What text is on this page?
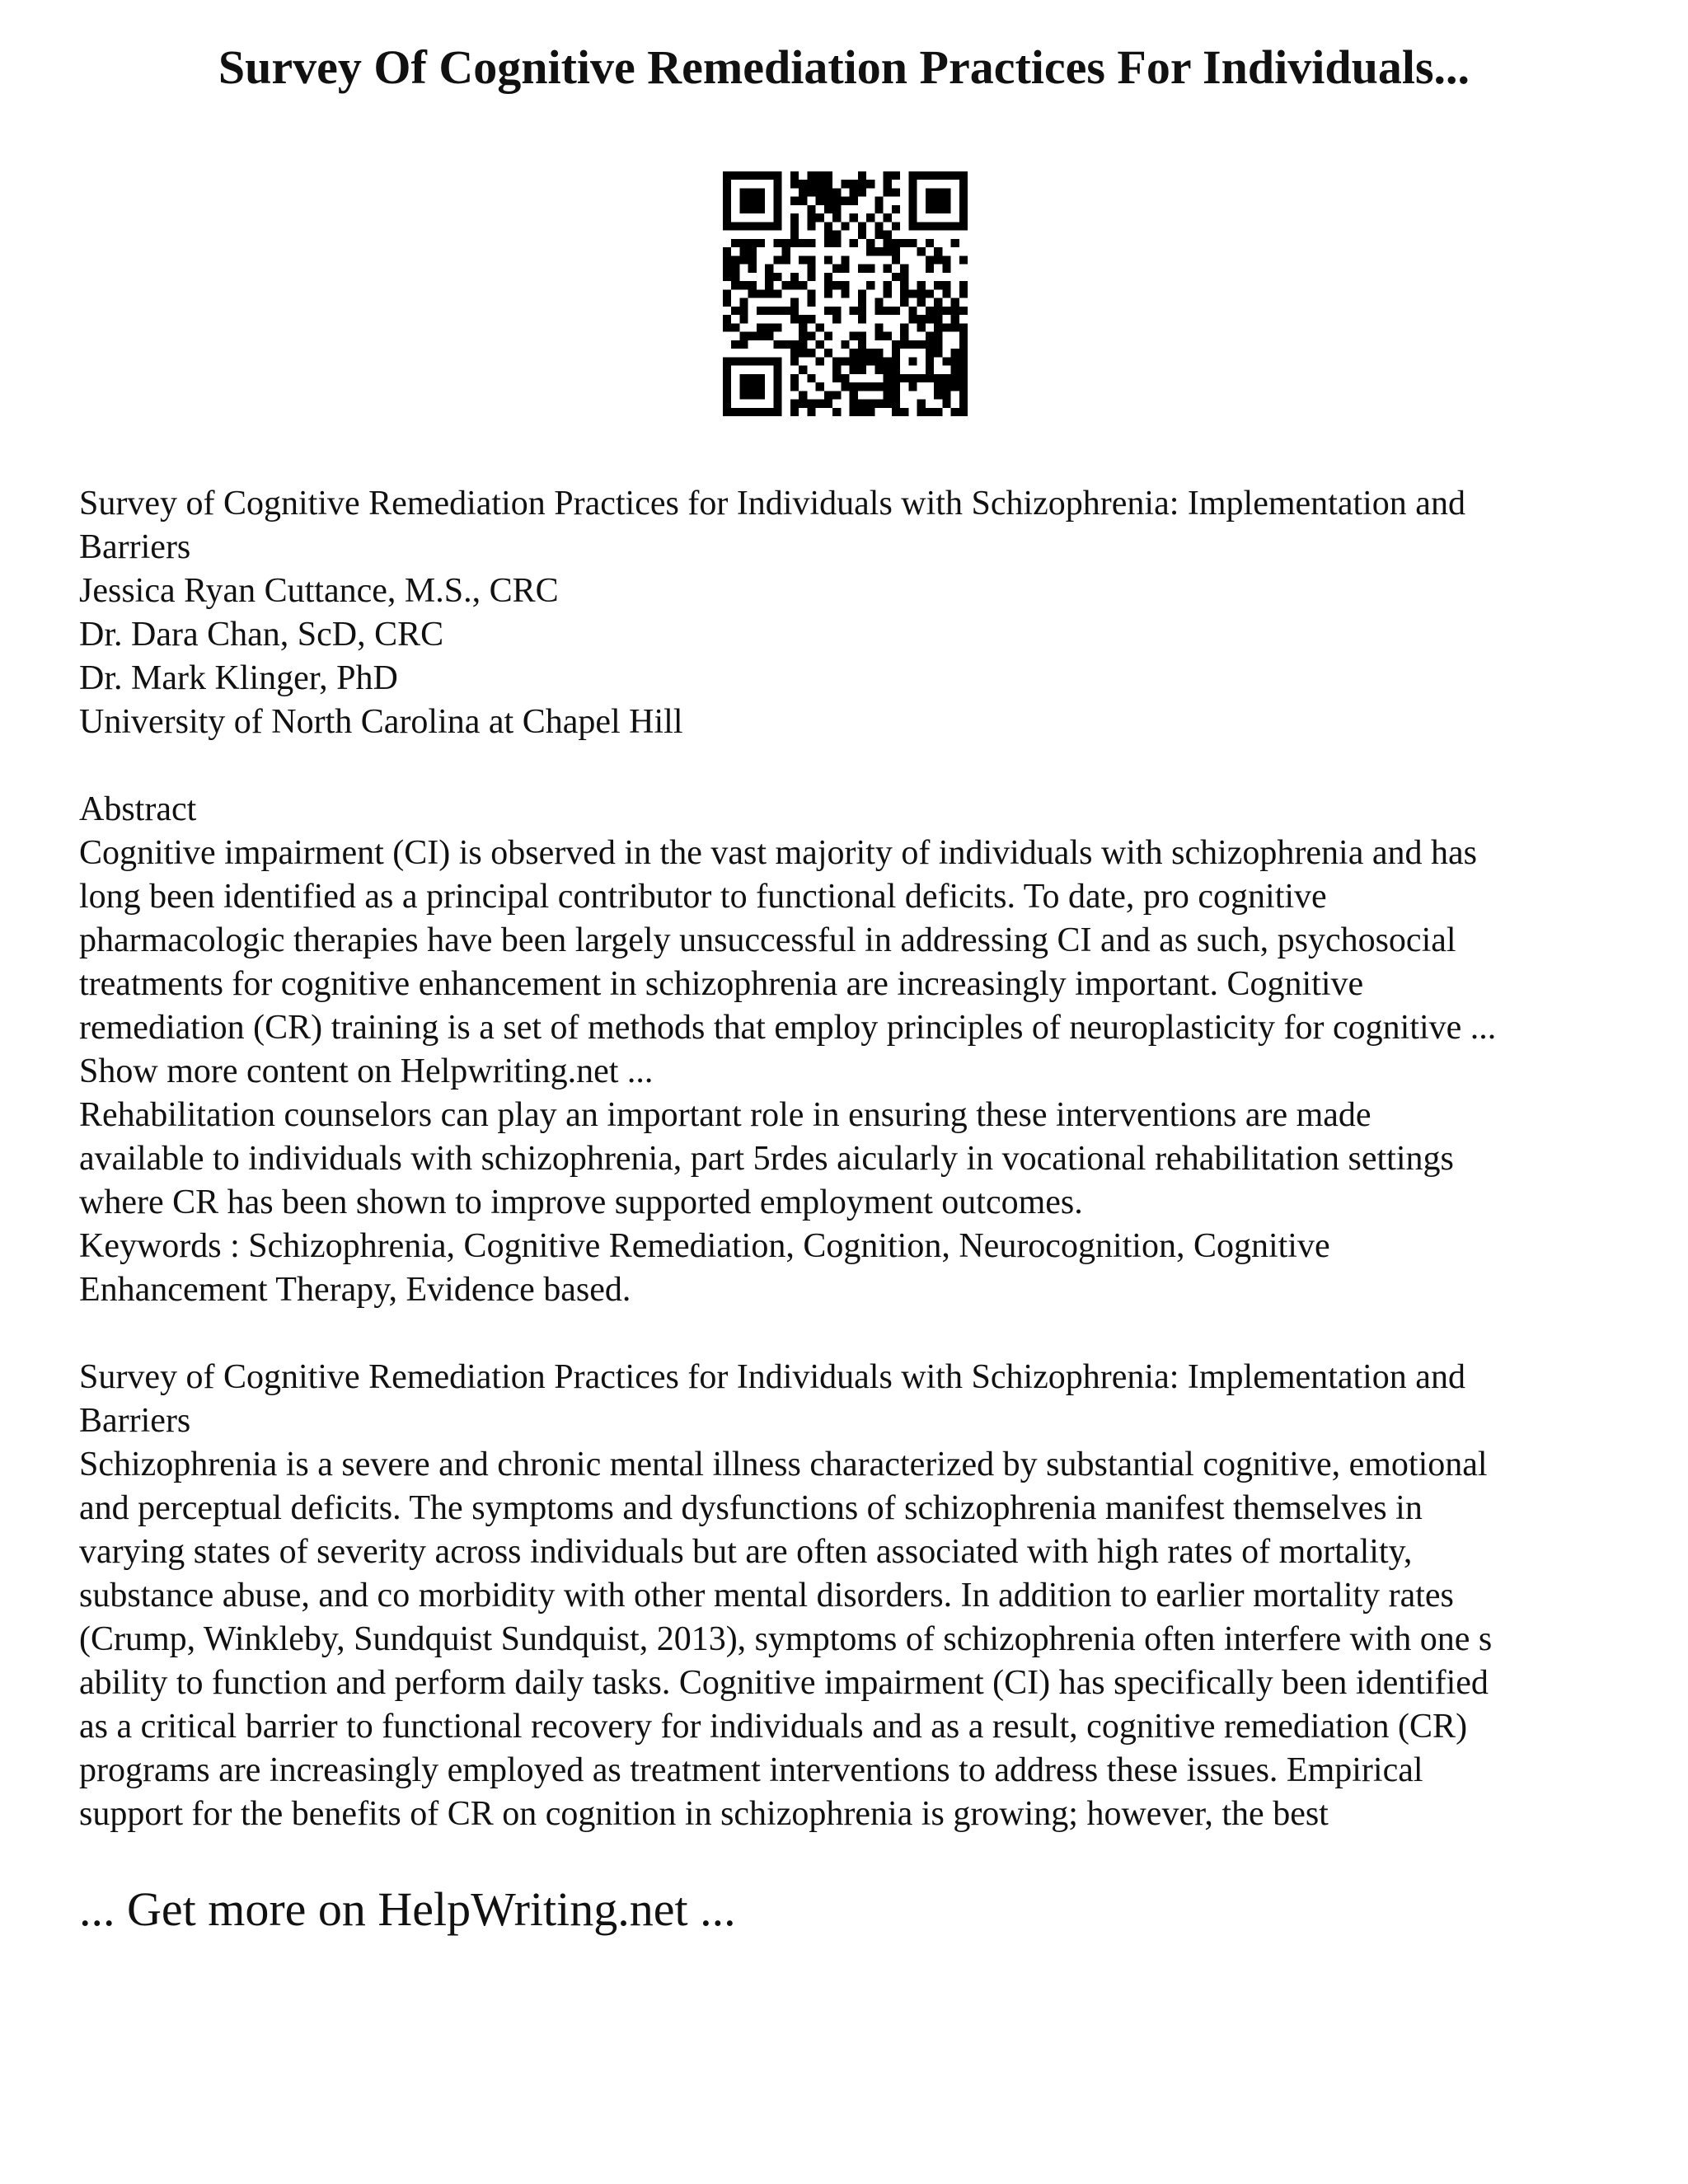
Survey Of Cognitive Remediation Practices For Individuals...
Survey of Cognitive Remediation Practices for Individuals with Schizophrenia: Implementation and
Barriers
Jessica Ryan Cuttance, M.S., CRC
Dr. Dara Chan, ScD, CRC
Dr. Mark Klinger, PhD
University of North Carolina at Chapel Hill
Abstract
Cognitive impairment (CI) is observed in the vast majority of individuals with schizophrenia and has
long been identified as a principal contributor to functional deficits. To date, pro cognitive
pharmacologic therapies have been largely unsuccessful in addressing CI and as such, psychosocial
treatments for cognitive enhancement in schizophrenia are increasingly important. Cognitive
remediation (CR) training is a set of methods that employ principles of neuroplasticity for cognitive ...
Show more content on Helpwriting.net ...
Rehabilitation counselors can play an important role in ensuring these interventions are made
available to individuals with schizophrenia, part 5rdes aicularly in vocational rehabilitation settings
where CR has been shown to improve supported employment outcomes.
Keywords : Schizophrenia, Cognitive Remediation, Cognition, Neurocognition, Cognitive
Enhancement Therapy, Evidence based.
Survey of Cognitive Remediation Practices for Individuals with Schizophrenia: Implementation and
Barriers
Schizophrenia is a severe and chronic mental illness characterized by substantial cognitive, emotional
and perceptual deficits. The symptoms and dysfunctions of schizophrenia manifest themselves in
varying states of severity across individuals but are often associated with high rates of mortality,
substance abuse, and co morbidity with other mental disorders. In addition to earlier mortality rates
(Crump, Winkleby, Sundquist Sundquist, 2013), symptoms of schizophrenia often interfere with one s
ability to function and perform daily tasks. Cognitive impairment (CI) has specifically been identified
as a critical barrier to functional recovery for individuals and as a result, cognitive remediation (CR)
programs are increasingly employed as treatment interventions to address these issues. Empirical
support for the benefits of CR on cognition in schizophrenia is growing; however, the best
... Get more on HelpWriting.net ...
